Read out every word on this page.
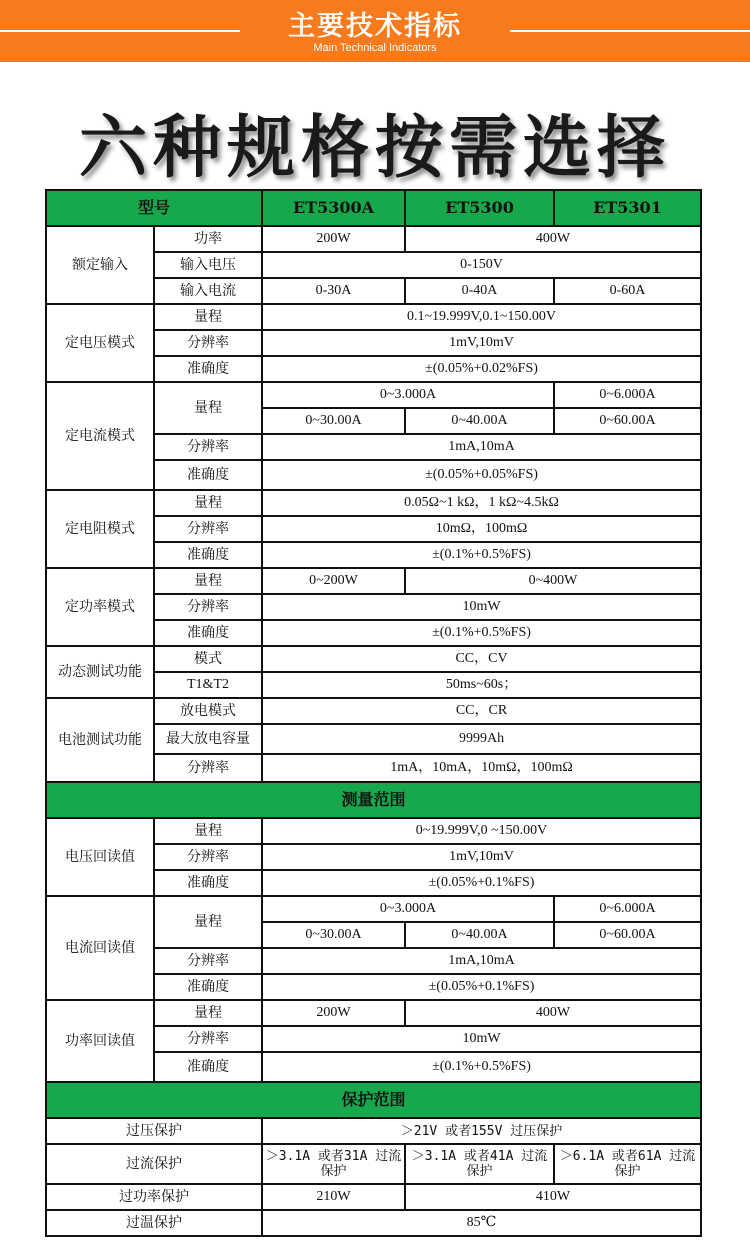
主要技术指标
Main Technical Indicators
六种规格按需选择
型号		ET5300A	ET5300	ET5301
额定输入	功率	200W	400W	
	输入电压	0-150V		
	输入电流	0-30A	0-40A	0-60A
定电压模式	量程	0.1~19.999V,0.1~150.00V		
	分辨率	1mV,10mV		
	准确度	±(0.05%+0.02%FS)		
定电流模式	量程	0~3.000A		0~6.000A
		0~30.00A	0~40.00A	0~60.00A
	分辨率	1mA,10mA		
	准确度	±(0.05%+0.05%FS)		
定电阻模式	量程	0.05Ω~1 kΩ，1 kΩ~4.5kΩ		
	分辨率	10mΩ，100mΩ		
	准确度	±(0.1%+0.5%FS)		
定功率模式	量程	0~200W	0~400W	
	分辨率	10mW		
	准确度	±(0.1%+0.5%FS)		
动态测试功能	模式	CC，CV		
	T1&T2	50ms~60s；		
电池测试功能	放电模式	CC，CR		
	最大放电容量	9999Ah		
	分辨率	1mA，10mA，10mΩ，100mΩ		
测量范围				
电压回读值	量程	0~19.999V,0 ~150.00V		
	分辨率	1mV,10mV		
	准确度	±(0.05%+0.1%FS)		
电流回读值	量程	0~3.000A		0~6.000A
		0~30.00A	0~40.00A	0~60.00A
	分辨率	1mA,10mA		
	准确度	±(0.05%+0.1%FS)		
功率回读值	量程	200W	400W	
	分辨率	10mW		
	准确度	±(0.1%+0.5%FS)		
保护范围				
过压保护		＞21V 或者155V 过压保护		
过流保护		＞3.1A 或者31A 过流保护	＞3.1A 或者41A 过流保护	＞6.1A 或者61A 过流保护
过功率保护		210W	410W	
过温保护		85℃		
